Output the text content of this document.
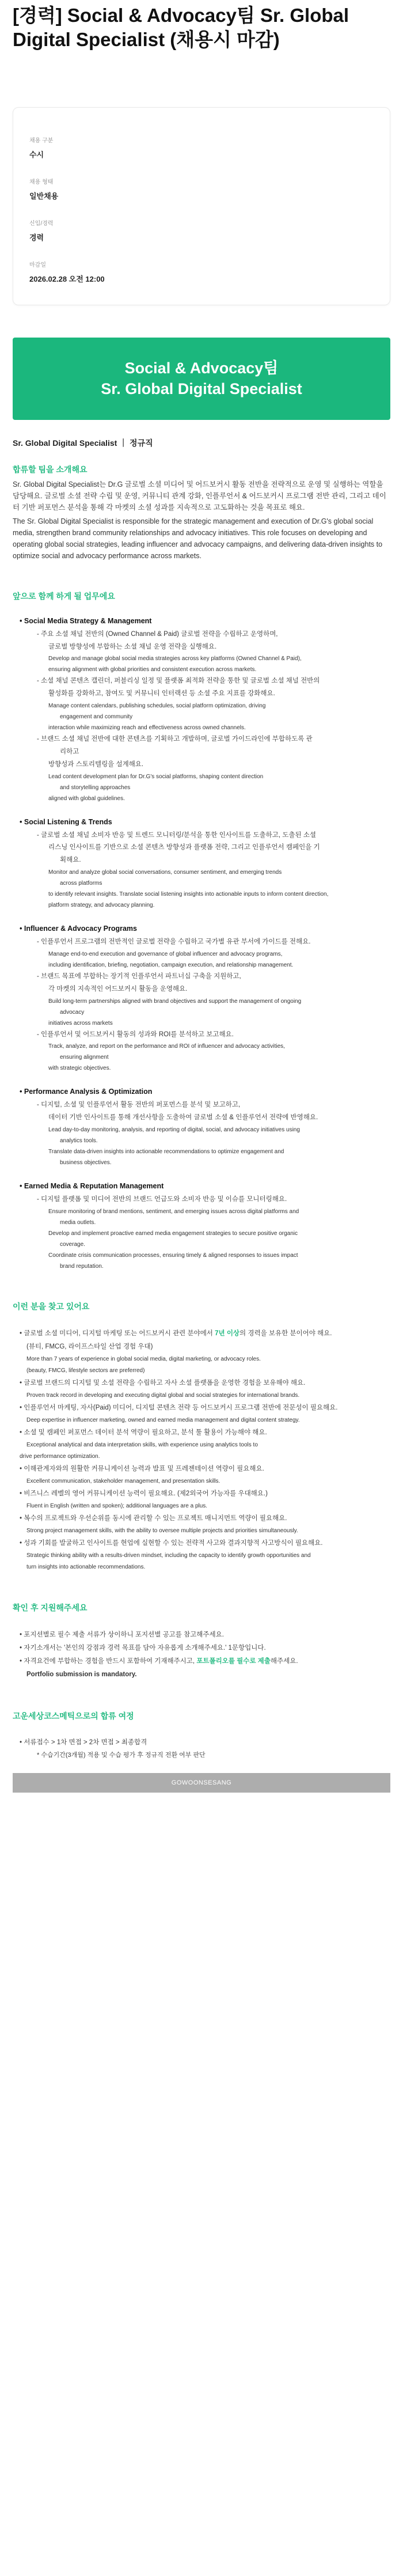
[경력] Social & Advocacy팀 Sr. Global Digital Specialist (채용시 마감)
채용 구분
수시
채용 형태
일반채용
신입/경력
경력
마감일
2026.02.28 오전 12:00
Social & Advocacy팀
Sr. Global Digital Specialist
Sr. Global Digital Specialist ｜ 정규직
합류할 팀을 소개해요

Sr. Global Digital Specialist는 Dr.G 글로벌 소셜 미디어 및 어드보커시 활동 전반을 전략적으로 운영 및 실행하는 역할을 담당해요. 글로벌 소셜 전략 수립 및 운영, 커뮤니티 관계 강화, 인플루언서 & 어드보커시 프로그램 전반 관리, 그리고 데이터 기반 퍼포먼스 분석을 통해 각 마켓의 소셜 성과를 지속적으로 고도화하는 것을 목표로 해요.

The Sr. Global Digital Specialist is responsible for the strategic management and execution of Dr.G's global social media, strengthen brand community relationships and advocacy initiatives. This role focuses on developing and operating global social strategies, leading influencer and advocacy campaigns, and delivering data-driven insights to optimize social and advocacy performance across markets.

앞으로 함께 하게 될 업무에요
• Social Media Strategy & Management
- 주요 소셜 채널 전반의 (Owned Channel & Paid) 글로벌 전략을 수립하고 운영하며,
글로벌 방향성에 부합하는 소셜 채널 운영 전략을 실행해요.
Develop and manage global social media strategies across key platforms (Owned Channel & Paid),
ensuring alignment with global priorities and consistent execution across markets.
- 소셜 채널 콘텐츠 캘린더, 퍼블리싱 일정 및 플랫폼 최적화 전략을 통한 및 글로벌 소셜 채널 전반의
활성화를 강화하고, 참여도 및 커뮤니티 인터랙션 등 소셜 주요 지표를 강화해요.
Manage content calendars, publishing schedules, social platform optimization, driving
engagement and community
interaction while maximizing reach and effectiveness across owned channels.
- 브랜드 소셜 채널 전반에 대한 콘텐츠를 기획하고 개발하며, 글로벌 가이드라인에 부합하도록 관
리하고
방향성과 스토리텔링을 설계해요.
Lead content development plan for Dr.G's social platforms, shaping content direction
and storytelling approaches
aligned with global guidelines.
• Social Listening & Trends
- 글로벌 소셜 채널 소비자 반응 및 트렌드 모니터링/분석을 통한 인사이트를 도출하고, 도출된 소셜
리스닝 인사이트를 기반으로 소셜 콘텐츠 방향성과 플랫폼 전략, 그리고 인플루언서 캠페인을 기
획해요.
Monitor and analyze global social conversations, consumer sentiment, and emerging trends
across platforms
to identify relevant insights. Translate social listening insights into actionable inputs to inform content direction,
platform strategy, and advocacy planning.
• Influencer & Advocacy Programs
- 인플루언서 프로그램의 전반적인 글로벌 전략을 수립하고 국가별 유관 부서에 가이드를 전해요.
Manage end-to-end execution and governance of global influencer and advocacy programs,
including identification, briefing, negotiation, campaign execution, and relationship management.
- 브랜드 목표에 부합하는 장기적 인플루언서 파트너십 구축을 지원하고,
각 마켓의 지속적인 어드보커시 활동을 운영해요.
Build long-term partnerships aligned with brand objectives and support the management of ongoing
advocacy
initiatives across markets
- 인플루언서 및 어드보커시 활동의 성과와 ROI를 분석하고 보고해요.
Track, analyze, and report on the performance and ROI of influencer and advocacy activities,
ensuring alignment
with strategic objectives.
• Performance Analysis & Optimization
- 디지털, 소셜 및 인플루언서 활동 전반의 퍼포먼스를 분석 및 보고하고,
데이터 기반 인사이트를 통해 개선사항을 도출하여 글로벌 소셜 & 인플루언서 전략에 반영해요.
Lead day-to-day monitoring, analysis, and reporting of digital, social, and advocacy initiatives using
analytics tools.
Translate data-driven insights into actionable recommendations to optimize engagement and
business objectives.
• Earned Media & Reputation Management
- 디지털 플랫폼 및 미디어 전반의 브랜드 언급도와 소비자 반응 및 이슈를 모니터링해요.
Ensure monitoring of brand mentions, sentiment, and emerging issues across digital platforms and
media outlets.
Develop and implement proactive earned media engagement strategies to secure positive organic
coverage.
Coordinate crisis communication processes, ensuring timely & aligned responses to issues impact
brand reputation.
이런 분을 찾고 있어요
• 글로벌 소셜 미디어, 디지털 마케팅 또는 어드보커시 관련 분야에서 7년 이상의 경력을 보유한 분이어야 해요.
(뷰티, FMCG, 라이프스타일 산업 경험 우대)
More than 7 years of experience in global social media, digital marketing, or advocacy roles.
(beauty, FMCG, lifestyle sectors are preferred)
• 글로벌 브랜드의 디지털 및 소셜 전략을 수립하고 자사 소셜 플랫폼을 운영한 경험을 보유해야 해요.
Proven track record in developing and executing digital global and social strategies for international brands.
• 인플루언서 마케팅, 자사(Paid) 미디어, 디지털 콘텐츠 전략 등 어드보커시 프로그램 전반에 전문성이 필요해요.
Deep expertise in influencer marketing, owned and earned media management and digital content strategy.
• 소셜 및 캠페인 퍼포먼스 데이터 분석 역량이 필요하고, 분석 툴 활용이 가능해야 해요.
Exceptional analytical and data interpretation skills, with experience using analytics tools to
drive performance optimization.
• 이해관계자와의 원활한 커뮤니케이션 능력과 발표 및 프레젠테이션 역량이 필요해요.
Excellent communication, stakeholder management, and presentation skills.
• 비즈니스 레벨의 영어 커뮤니케이션 능력이 필요해요. (제2외국어 가능자를 우대해요.)
Fluent in English (written and spoken); additional languages are a plus.
• 복수의 프로젝트와 우선순위를 동시에 관리할 수 있는 프로젝트 매니지먼트 역량이 필요해요.
Strong project management skills, with the ability to oversee multiple projects and priorities simultaneously.
• 성과 기회를 발굴하고 인사이트를 현업에 실현할 수 있는 전략적 사고와 결과지향적 사고방식이 필요해요.
Strategic thinking ability with a results-driven mindset, including the capacity to identify growth opportunities and
turn insights into actionable recommendations.
확인 후 지원해주세요
• 포지션별로 필수 제출 서류가 상이하니 포지션별 공고를 참고해주세요.
• 자기소개서는 '본인의 강점과 경력 목표를 담아 자유롭게 소개해주세요.' 1문항입니다.
• 자격요건에 부합하는 경험을 반드시 포함하여 기재해주시고, 포트폴리오를 필수로 제출해주세요.
Portfolio submission is mandatory.
고운세상코스메틱으로의 합류 여정
• 서류접수 > 1차 면접 > 2차 면접 > 최종합격
* 수습기간(3개월) 적용 및 수습 평가 후 정규직 전환 여부 판단
GOWOONSESANG
